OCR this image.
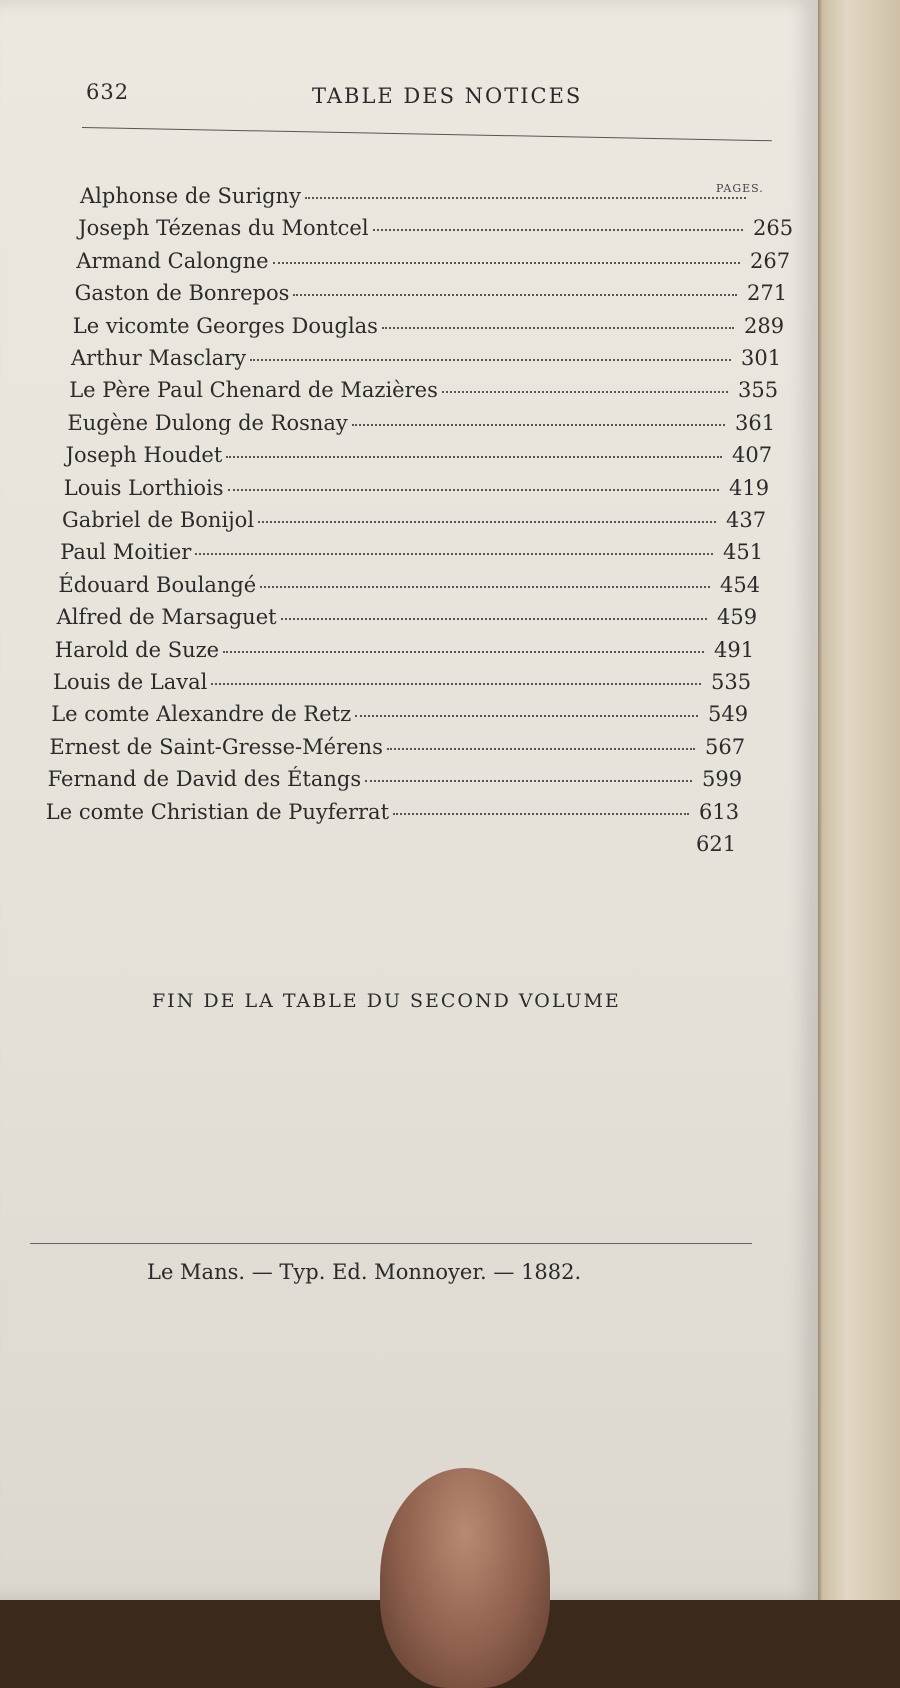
632	TABLE DES NOTICES
PAGES.
Alphonse de Surigny
Joseph Tézenas du Montcel	265
Armand Calongne	267
Gaston de Bonrepos	271
Le vicomte Georges Douglas	289
Arthur Masclary	301
Le Père Paul Chenard de Mazières	355
Eugène Dulong de Rosnay	361
Joseph Houdet	407
Louis Lorthiois	419
Gabriel de Bonijol	437
Paul Moitier	451
Édouard Boulangé	454
Alfred de Marsaguet	459
Harold de Suze	491
Louis de Laval	535
Le comte Alexandre de Retz	549
Ernest de Saint-Gresse-Mérens	567
Fernand de David des Étangs	599
Le comte Christian de Puyferrat	613
621
FIN DE LA TABLE DU SECOND VOLUME
Le Mans. — Typ. Ed. Monnoyer. — 1882.
